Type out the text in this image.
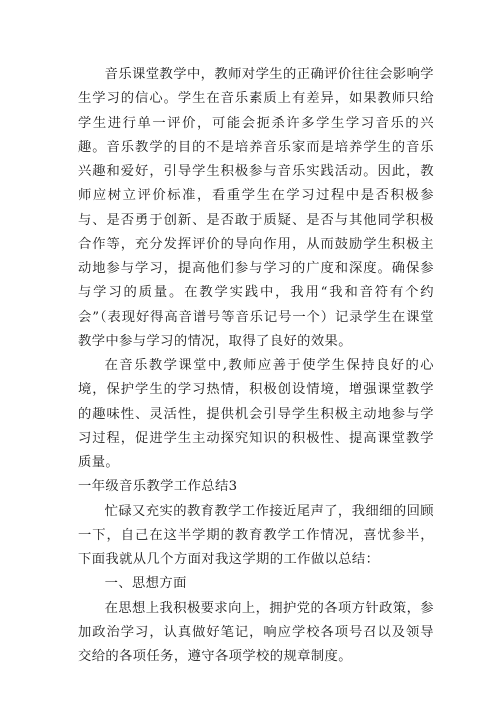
音乐课堂教学中，教师对学生的正确评价往往会影响学生学习的信心。学生在音乐素质上有差异，如果教师只给学生进行单一评价，可能会扼杀许多学生学习音乐的兴趣。音乐教学的目的不是培养音乐家而是培养学生的音乐兴趣和爱好，引导学生积极参与音乐实践活动。因此，教师应树立评价标准，看重学生在学习过程中是否积极参与、是否勇于创新、是否敢于质疑、是否与其他同学积极合作等，充分发挥评价的导向作用，从而鼓励学生积极主动地参与学习，提高他们参与学习的广度和深度。确保参与学习的质量。在教学实践中，我用“我和音符有个约会”（表现好得高音谱号等音乐记号一个）记录学生在课堂教学中参与学习的情况，取得了良好的效果。

在音乐教学课堂中,教师应善于使学生保持良好的心境，保护学生的学习热情，积极创设情境，增强课堂教学的趣味性、灵活性，提供机会引导学生积极主动地参与学习过程，促进学生主动探究知识的积极性、提高课堂教学质量。

一年级音乐教学工作总结3

忙碌又充实的教育教学工作接近尾声了，我细细的回顾一下，自己在这半学期的教育教学工作情况，喜忧参半，下面我就从几个方面对我这学期的工作做以总结：

一、思想方面

在思想上我积极要求向上，拥护党的各项方针政策，参加政治学习，认真做好笔记，响应学校各项号召以及领导交给的各项任务，遵守各项学校的规章制度。
